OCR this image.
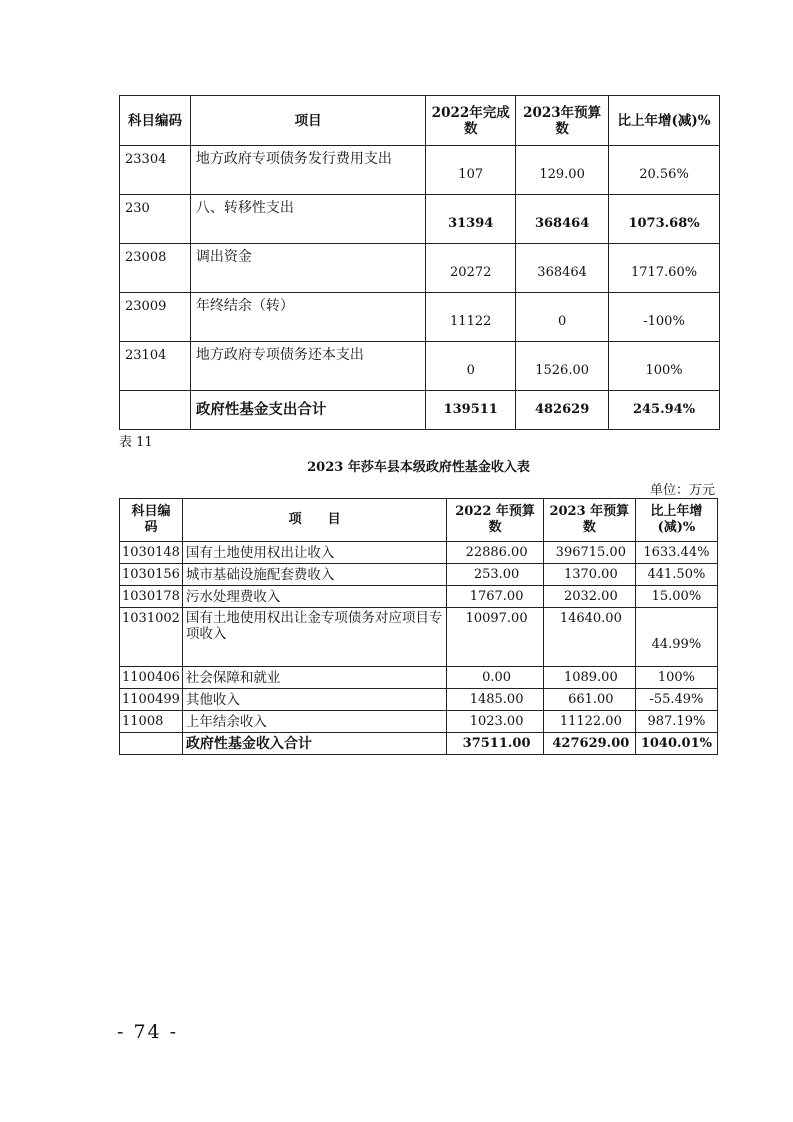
科目编码	项目	2022年完成数	2023年预算数	比上年增(减)%
23304	地方政府专项债务发行费用支出	107	129.00	20.56%
230	八、转移性支出	31394	368464	1073.68%
23008	调出资金	20272	368464	1717.60%
23009	年终结余（转）	11122	0	-100%
23104	地方政府专项债务还本支出	0	1526.00	100%
	政府性基金支出合计	139511	482629	245.94%
表 11
2023 年莎车县本级政府性基金收入表
单位：万元
科目编码	项　　目	2022 年预算数	2023 年预算数	比上年增(减)%
1030148	国有土地使用权出让收入	22886.00	396715.00	1633.44%
1030156	城市基础设施配套费收入	253.00	1370.00	441.50%
1030178	污水处理费收入	1767.00	2032.00	15.00%
1031002	国有土地使用权出让金专项债务对应项目专项收入	10097.00	14640.00	44.99%
1100406	社会保障和就业	0.00	1089.00	100%
1100499	其他收入	1485.00	661.00	-55.49%
11008	上年结余收入	1023.00	11122.00	987.19%
	政府性基金收入合计	37511.00	427629.00	1040.01%
- 74 -
